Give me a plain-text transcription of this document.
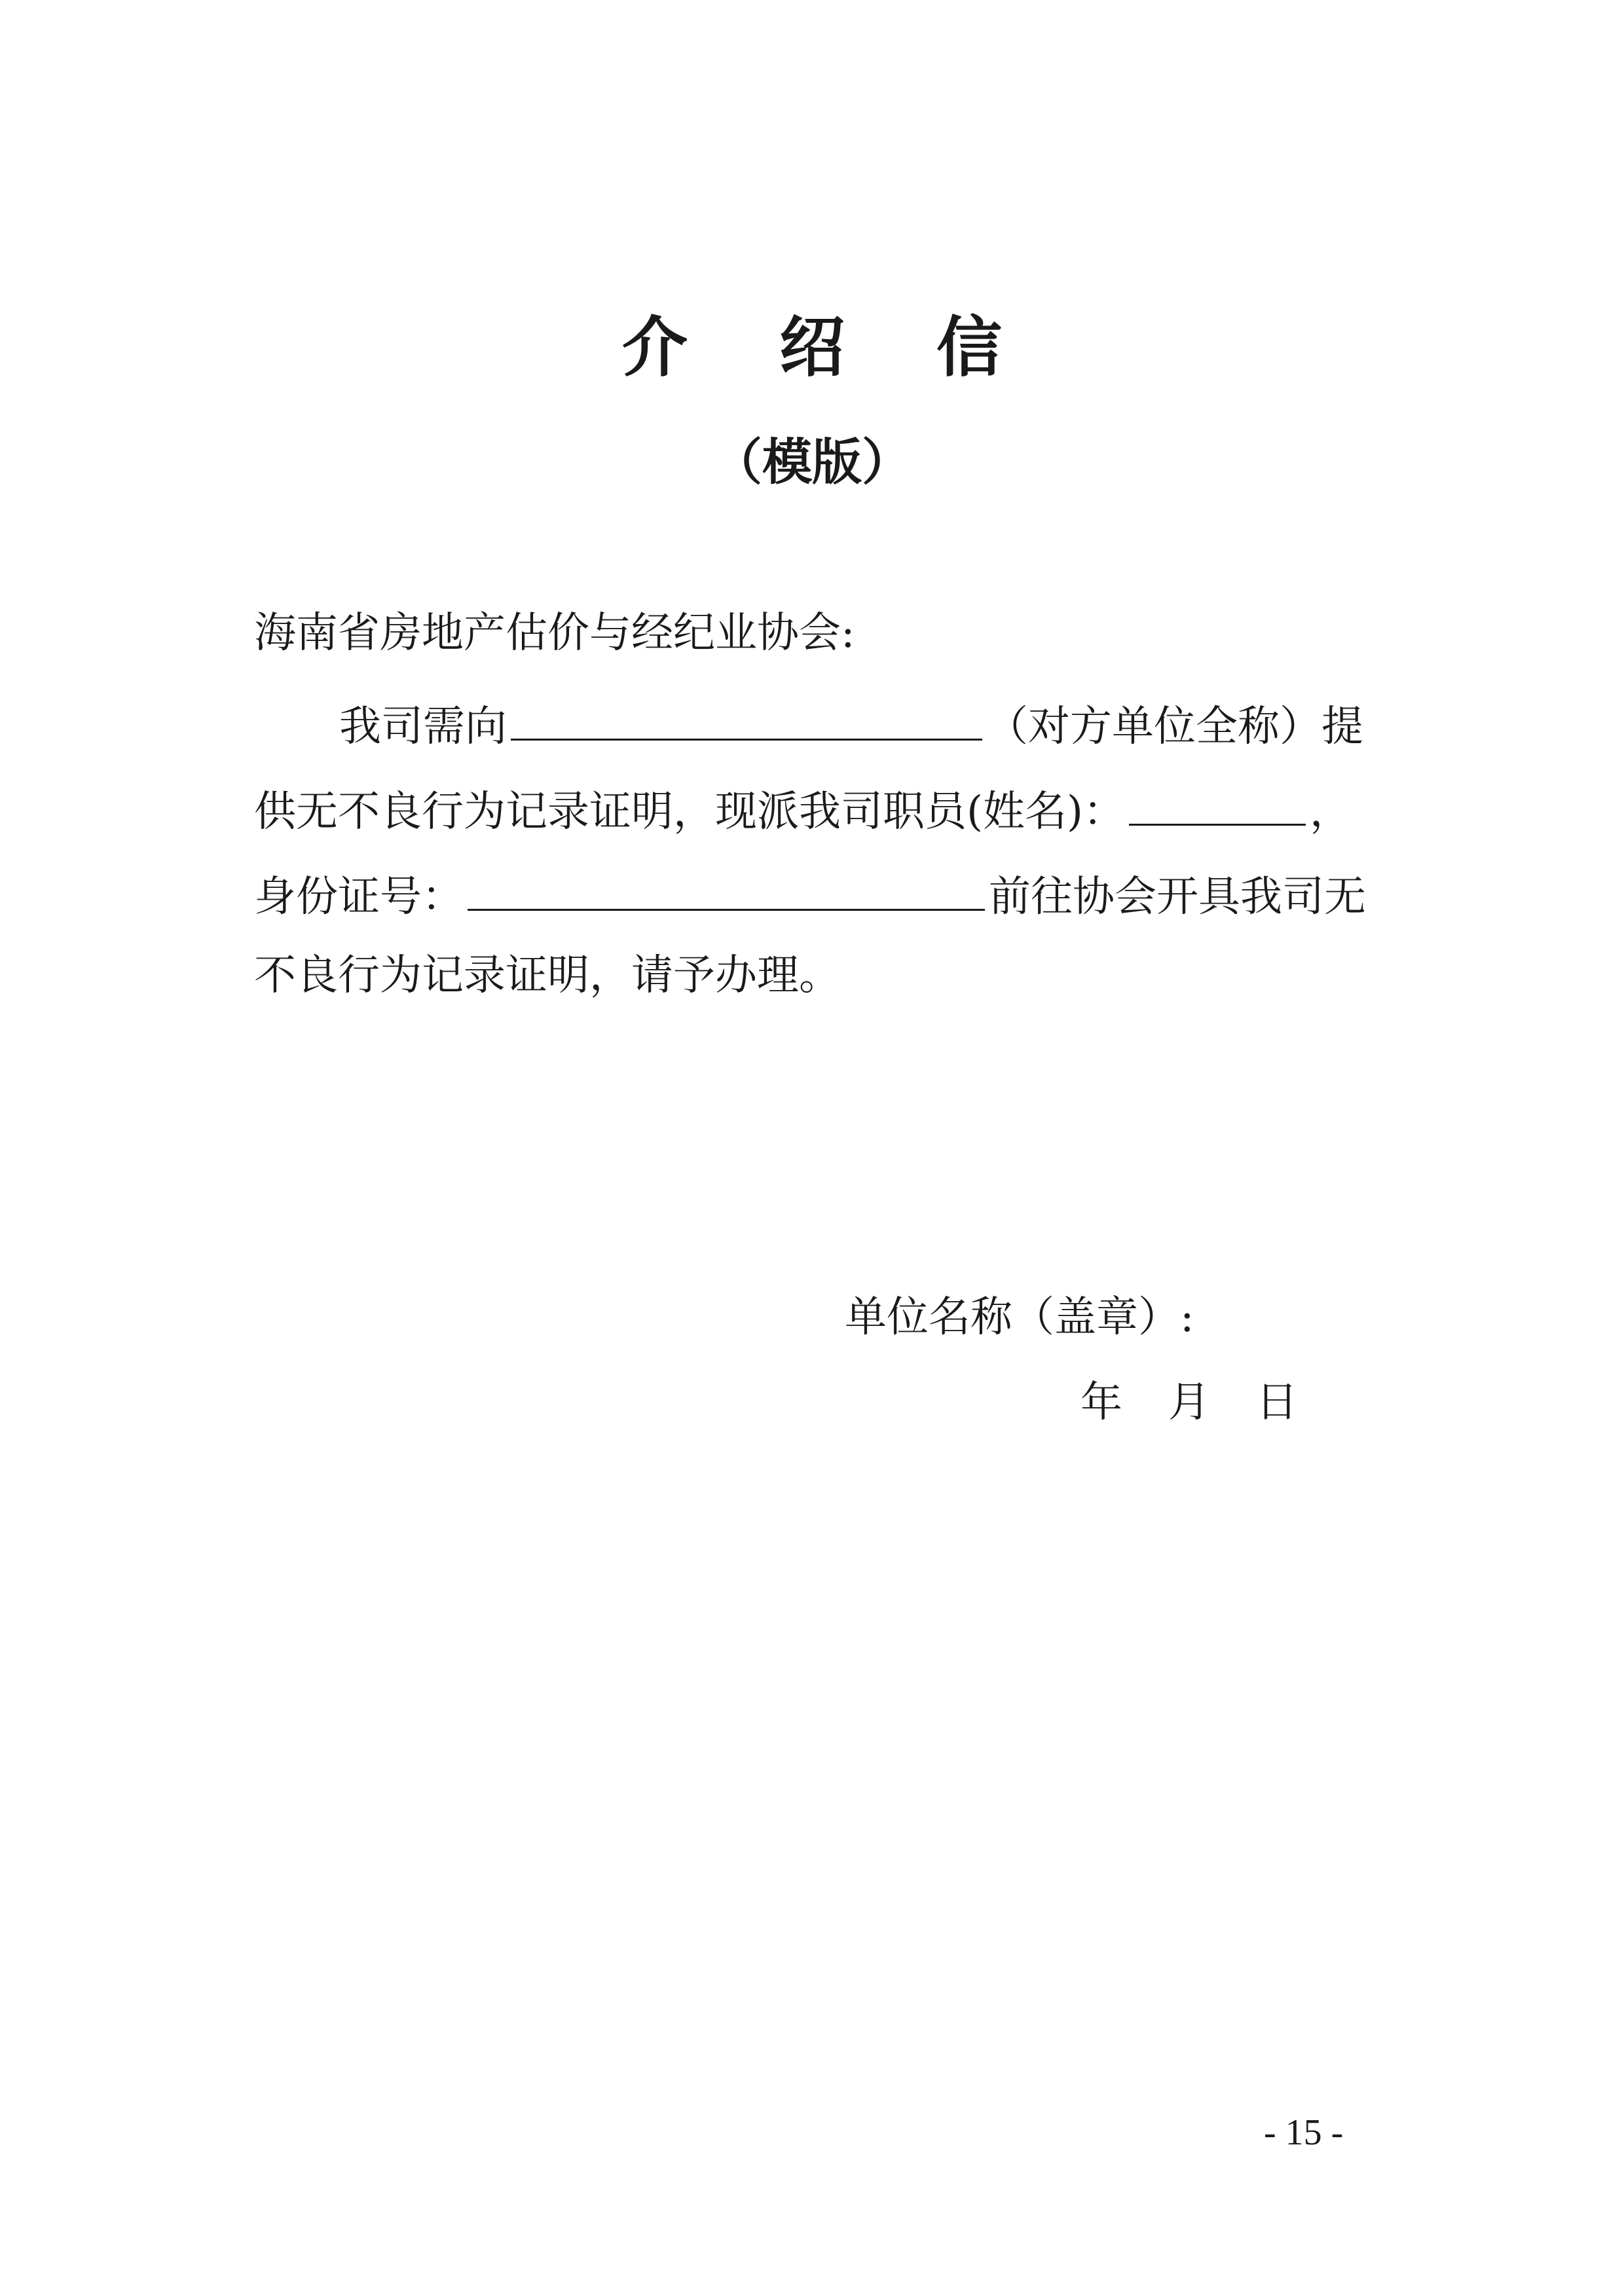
介绍信
（模版）
海南省房地产估价与经纪业协会:
我司需向	（对方单位全称）提
供无不良行为记录证明，现派我司职员(姓名)：	，
身份证号：	前往协会开具我司无
不良行为记录证明，请予办理。
单位名称（盖章）:
年 月 日
- 15 -
